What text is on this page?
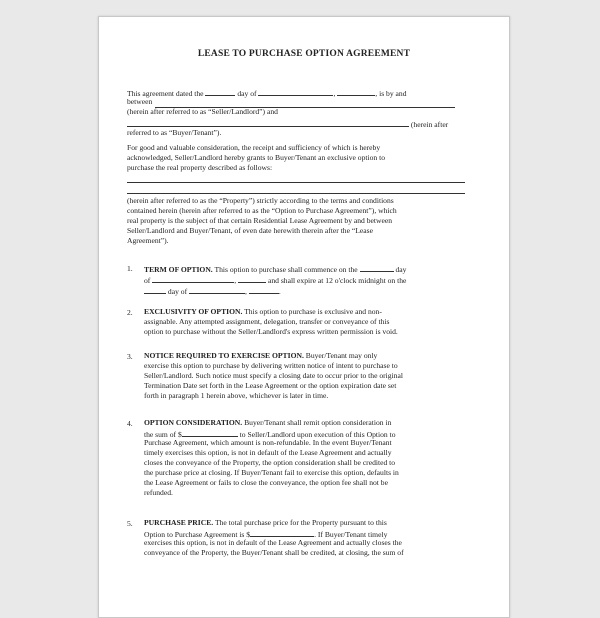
LEASE TO PURCHASE OPTION AGREEMENT
This agreement dated the	day of	,	, is by and
between
(herein after referred to as “Seller/Landlord”) and
(herein after
referred to as “Buyer/Tenant”).
For good and valuable consideration, the receipt and sufficiency of which is hereby
acknowledged, Seller/Landlord hereby grants to Buyer/Tenant an exclusive option to
purchase the real property described as follows:
(herein after referred to as the “Property”) strictly according to the terms and conditions
contained herein (herein after referred to as the “Option to Purchase Agreement”), which
real property is the subject of that certain Residential Lease Agreement by and between
Seller/Landlord and Buyer/Tenant, of even date herewith therein after the “Lease
Agreement”).
1. TERM OF OPTION. This option to purchase shall commence on the	day
of	,	and shall expire at 12 o'clock midnight on the
day of	,	.
2. EXCLUSIVITY OF OPTION. This option to purchase is exclusive and non-
assignable. Any attempted assignment, delegation, transfer or conveyance of this
option to purchase without the Seller/Landlord's express written permission is void.
3. NOTICE REQUIRED TO EXERCISE OPTION. Buyer/Tenant may only
exercise this option to purchase by delivering written notice of intent to purchase to
Seller/Landlord. Such notice must specify a closing date to occur prior to the original
Termination Date set forth in the Lease Agreement or the option expiration date set
forth in paragraph 1 herein above, whichever is later in time.
4. OPTION CONSIDERATION. Buyer/Tenant shall remit option consideration in
the sum of $	to Seller/Landlord upon execution of this Option to
Purchase Agreement, which amount is non-refundable. In the event Buyer/Tenant
timely exercises this option, is not in default of the Lease Agreement and actually
closes the conveyance of the Property, the option consideration shall be credited to
the purchase price at closing. If Buyer/Tenant fail to exercise this option, defaults in
the Lease Agreement or fails to close the conveyance, the option fee shall not be
refunded.
5. PURCHASE PRICE. The total purchase price for the Property pursuant to this
Option to Purchase Agreement is $	. If Buyer/Tenant timely
exercises this option, is not in default of the Lease Agreement and actually closes the
conveyance of the Property, the Buyer/Tenant shall be credited, at closing, the sum of
